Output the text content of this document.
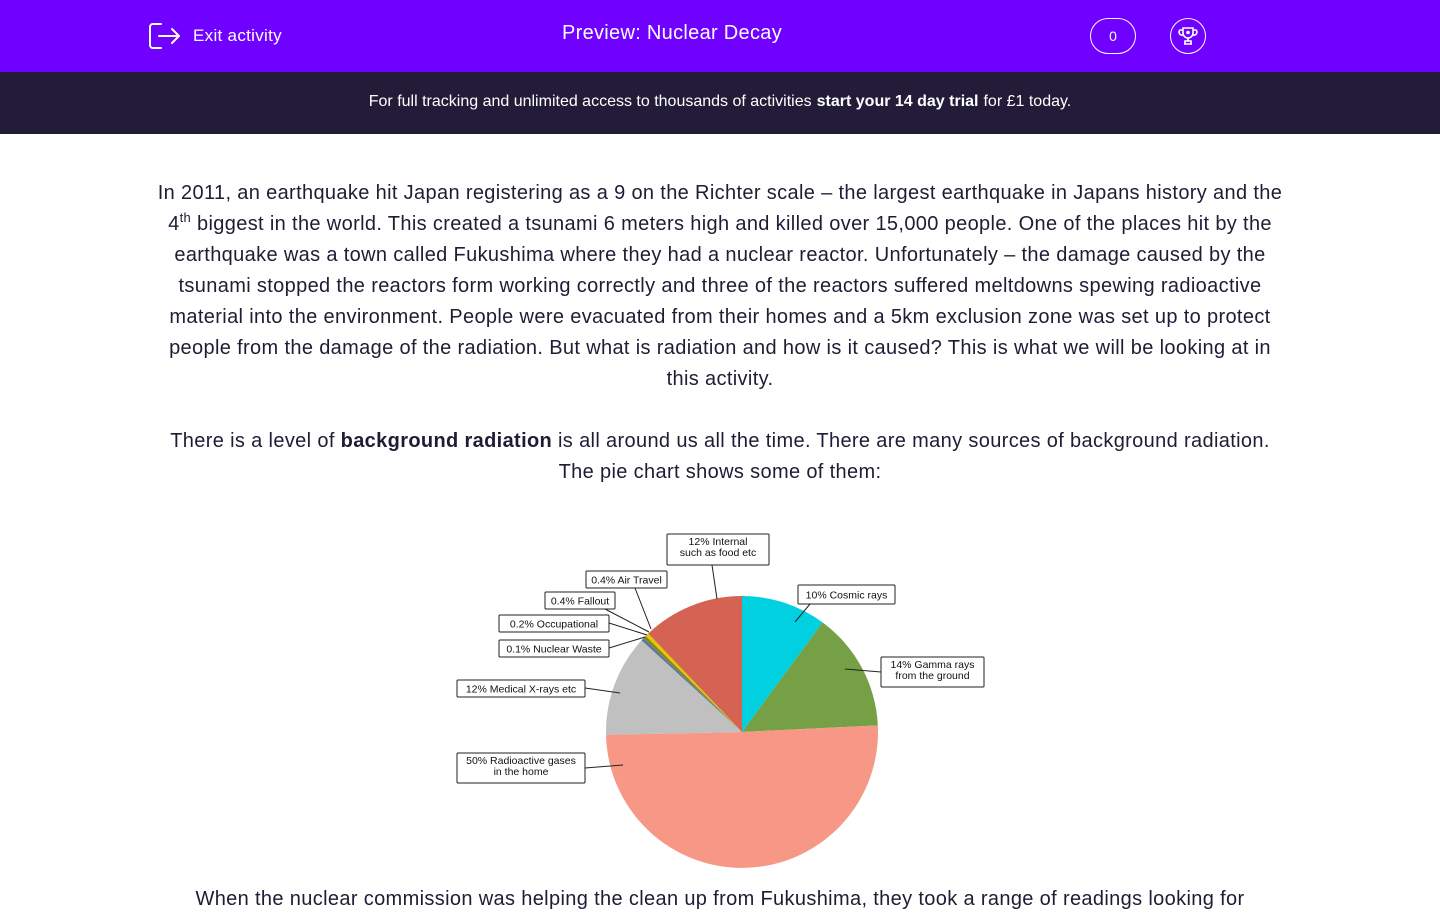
Exit activity	Preview: Nuclear Decay	0
For full tracking and unlimited access to thousands of activities start your 14 day trial for £1 today.

In 2011, an earthquake hit Japan registering as a 9 on the Richter scale – the largest earthquake in Japans history and the 4th biggest in the world. This created a tsunami 6 meters high and killed over 15,000 people. One of the places hit by the earthquake was a town called Fukushima where they had a nuclear reactor. Unfortunately – the damage caused by the tsunami stopped the reactors form working correctly and three of the reactors suffered meltdowns spewing radioactive material into the environment. People were evacuated from their homes and a 5km exclusion zone was set up to protect people from the damage of the radiation. But what is radiation and how is it caused? This is what we will be looking at in this activity.

There is a level of background radiation is all around us all the time. There are many sources of background radiation. The pie chart shows some of them:

10% Cosmic rays
14% Gamma rays
from the ground
50% Radioactive gases
in the home
12% Medical X-rays etc
0.1% Nuclear Waste
0.2% Occupational
0.4% Fallout
0.4% Air Travel
12% Internal
such as food etc
When the nuclear commission was helping the clean up from Fukushima, they took a range of readings looking for
